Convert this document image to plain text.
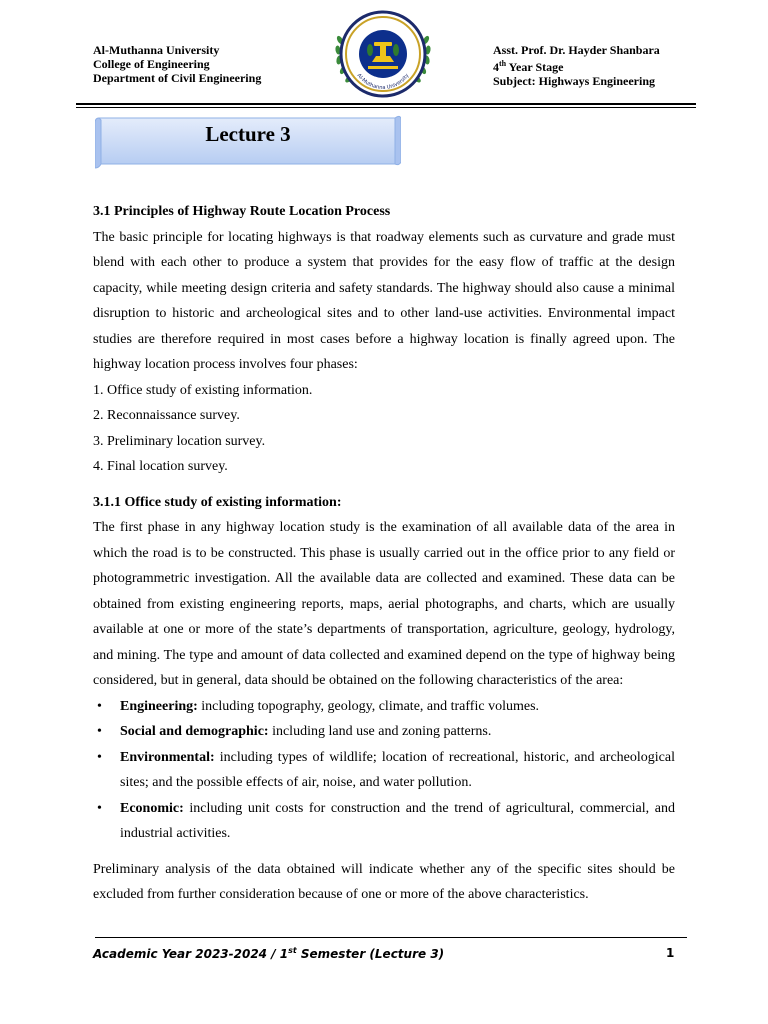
Al-Muthanna University
College of Engineering
Department of Civil Engineering	Al-Muthanna University
Asst. Prof. Dr. Hayder Shanbara
4th Year Stage
Subject: Highways Engineering
Lecture 3

3.1 Principles of Highway Route Location Process

The basic principle for locating highways is that roadway elements such as curvature and grade must blend with each other to produce a system that provides for the easy flow of traffic at the design capacity, while meeting design criteria and safety standards. The highway should also cause a minimal disruption to historic and archeological sites and to other land-use activities. Environmental impact studies are therefore required in most cases before a highway location is finally agreed upon. The highway location process involves four phases:

1. Office study of existing information.
2. Reconnaissance survey.
3. Preliminary location survey.
4. Final location survey.

3.1.1 Office study of existing information:

The first phase in any highway location study is the examination of all available data of the area in which the road is to be constructed. This phase is usually carried out in the office prior to any field or photogrammetric investigation. All the available data are collected and examined. These data can be obtained from existing engineering reports, maps, aerial photographs, and charts, which are usually available at one or more of the state’s departments of transportation, agriculture, geology, hydrology, and mining. The type and amount of data collected and examined depend on the type of highway being considered, but in general, data should be obtained on the following characteristics of the area:

• Engineering: including topography, geology, climate, and traffic volumes.
• Social and demographic: including land use and zoning patterns.
• Environmental: including types of wildlife; location of recreational, historic, and archeological sites; and the possible effects of air, noise, and water pollution.
• Economic: including unit costs for construction and the trend of agricultural, commercial, and industrial activities.

Preliminary analysis of the data obtained will indicate whether any of the specific sites should be excluded from further consideration because of one or more of the above characteristics.

Academic Year 2023-2024 / 1st Semester (Lecture 3)	1
